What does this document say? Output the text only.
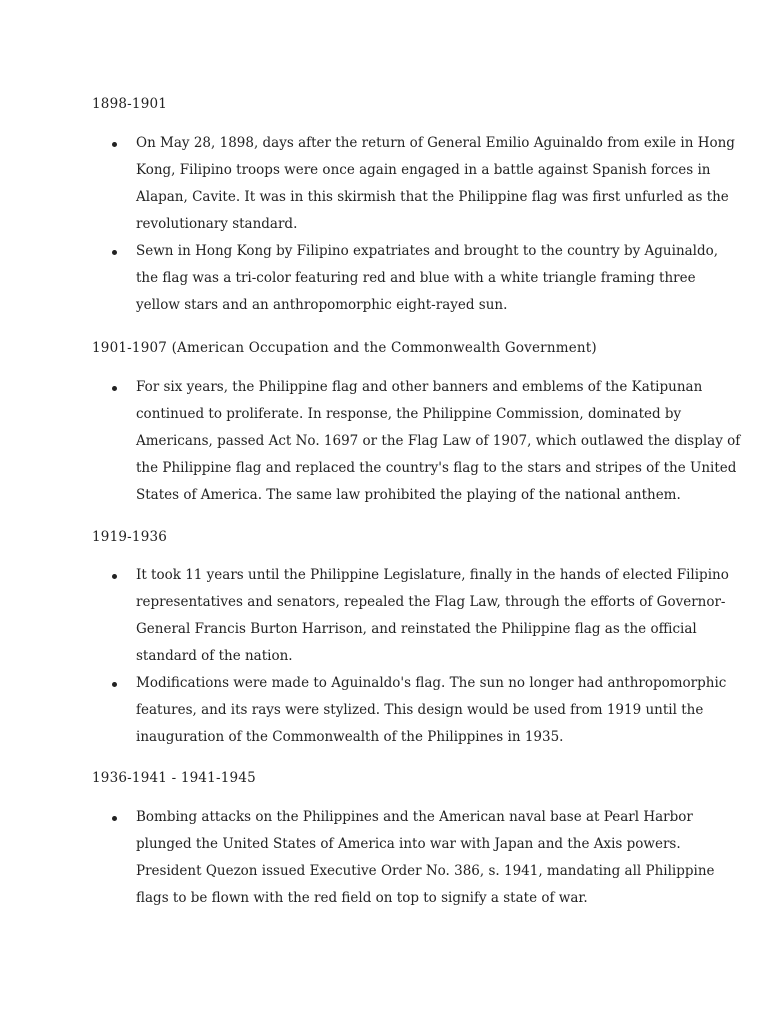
1898-1901
On May 28, 1898, days after the return of General Emilio Aguinaldo from exile in Hong
Kong, Filipino troops were once again engaged in a battle against Spanish forces in
Alapan, Cavite. It was in this skirmish that the Philippine flag was first unfurled as the
revolutionary standard.
Sewn in Hong Kong by Filipino expatriates and brought to the country by Aguinaldo,
the flag was a tri-color featuring red and blue with a white triangle framing three
yellow stars and an anthropomorphic eight-rayed sun.
1901-1907 (American Occupation and the Commonwealth Government)
For six years, the Philippine flag and other banners and emblems of the Katipunan
continued to proliferate. In response, the Philippine Commission, dominated by
Americans, passed Act No. 1697 or the Flag Law of 1907, which outlawed the display of
the Philippine flag and replaced the country's flag to the stars and stripes of the United
States of America. The same law prohibited the playing of the national anthem.
1919-1936
It took 11 years until the Philippine Legislature, finally in the hands of elected Filipino
representatives and senators, repealed the Flag Law, through the efforts of Governor-
General Francis Burton Harrison, and reinstated the Philippine flag as the official
standard of the nation.
Modifications were made to Aguinaldo's flag. The sun no longer had anthropomorphic
features, and its rays were stylized. This design would be used from 1919 until the
inauguration of the Commonwealth of the Philippines in 1935.
1936-1941 - 1941-1945
Bombing attacks on the Philippines and the American naval base at Pearl Harbor
plunged the United States of America into war with Japan and the Axis powers.
President Quezon issued Executive Order No. 386, s. 1941, mandating all Philippine
flags to be flown with the red field on top to signify a state of war.
